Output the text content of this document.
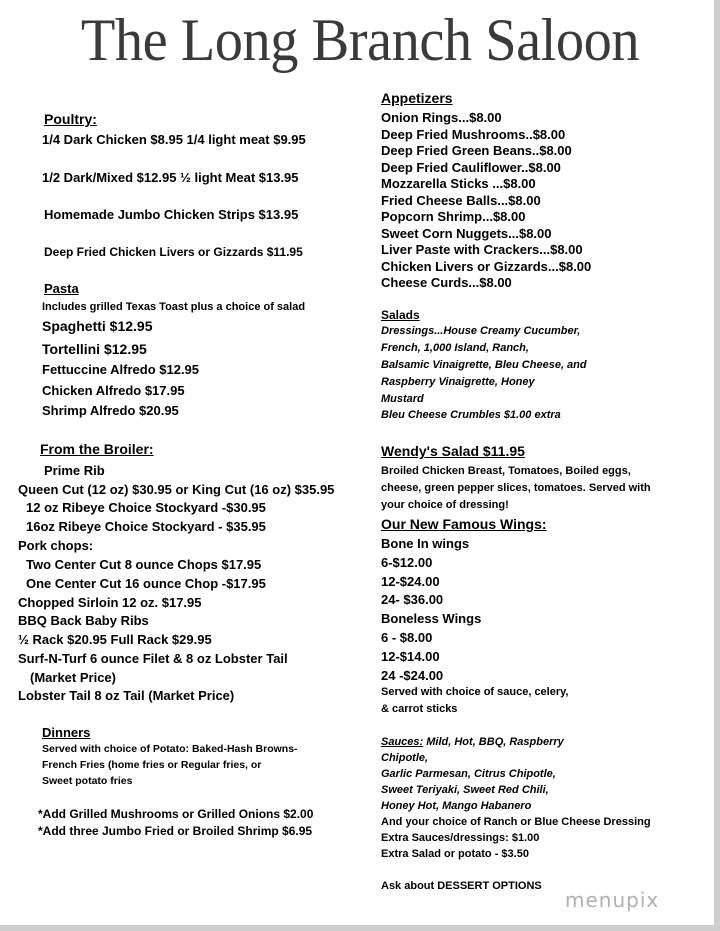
The Long Branch Saloon
Poultry:
1/4 Dark Chicken $8.95 1/4 light meat $9.95
1/2 Dark/Mixed $12.95 ½ light Meat $13.95
Homemade Jumbo Chicken Strips $13.95
Deep Fried Chicken Livers or Gizzards $11.95
Pasta
Includes grilled Texas Toast plus a choice of salad
Spaghetti $12.95
Tortellini $12.95
Fettuccine Alfredo $12.95
Chicken Alfredo $17.95
Shrimp Alfredo $20.95
From the Broiler:
Prime Rib
Queen Cut (12 oz) $30.95 or King Cut (16 oz) $35.95
12 oz Ribeye Choice Stockyard -$30.95
16oz Ribeye Choice Stockyard - $35.95
Pork chops:
Two Center Cut 8 ounce Chops $17.95
One Center Cut 16 ounce Chop -$17.95
Chopped Sirloin 12 oz. $17.95
BBQ Back Baby Ribs
½ Rack $20.95 Full Rack $29.95
Surf-N-Turf 6 ounce Filet & 8 oz Lobster Tail
(Market Price)
Lobster Tail 8 oz Tail (Market Price)
Dinners
Served with choice of Potato: Baked-Hash Browns-
French Fries (home fries or Regular fries, or
Sweet potato fries
*Add Grilled Mushrooms or Grilled Onions $2.00
*Add three Jumbo Fried or Broiled Shrimp $6.95
Appetizers
Onion Rings...$8.00
Deep Fried Mushrooms..$8.00
Deep Fried Green Beans..$8.00
Deep Fried Cauliflower..$8.00
Mozzarella Sticks ...$8.00
Fried Cheese Balls...$8.00
Popcorn Shrimp...$8.00
Sweet Corn Nuggets...$8.00
Liver Paste with Crackers...$8.00
Chicken Livers or Gizzards...$8.00
Cheese Curds...$8.00
Salads
Dressings...House Creamy Cucumber,
French, 1,000 Island, Ranch,
Balsamic Vinaigrette, Bleu Cheese, and
Raspberry Vinaigrette, Honey
Mustard
Bleu Cheese Crumbles $1.00 extra
Wendy's Salad $11.95
Broiled Chicken Breast, Tomatoes, Boiled eggs,
cheese, green pepper slices, tomatoes. Served with
your choice of dressing!
Our New Famous Wings:
Bone In wings
6-$12.00
12-$24.00
24- $36.00
Boneless Wings
6 - $8.00
12-$14.00
24 -$24.00
Served with choice of sauce, celery,
& carrot sticks
Sauces: Mild, Hot, BBQ, Raspberry
Chipotle,
Garlic Parmesan, Citrus Chipotle,
Sweet Teriyaki, Sweet Red Chili,
Honey Hot, Mango Habanero
And your choice of Ranch or Blue Cheese Dressing
Extra Sauces/dressings: $1.00
Extra Salad or potato - $3.50
Ask about DESSERT OPTIONS
menupix
